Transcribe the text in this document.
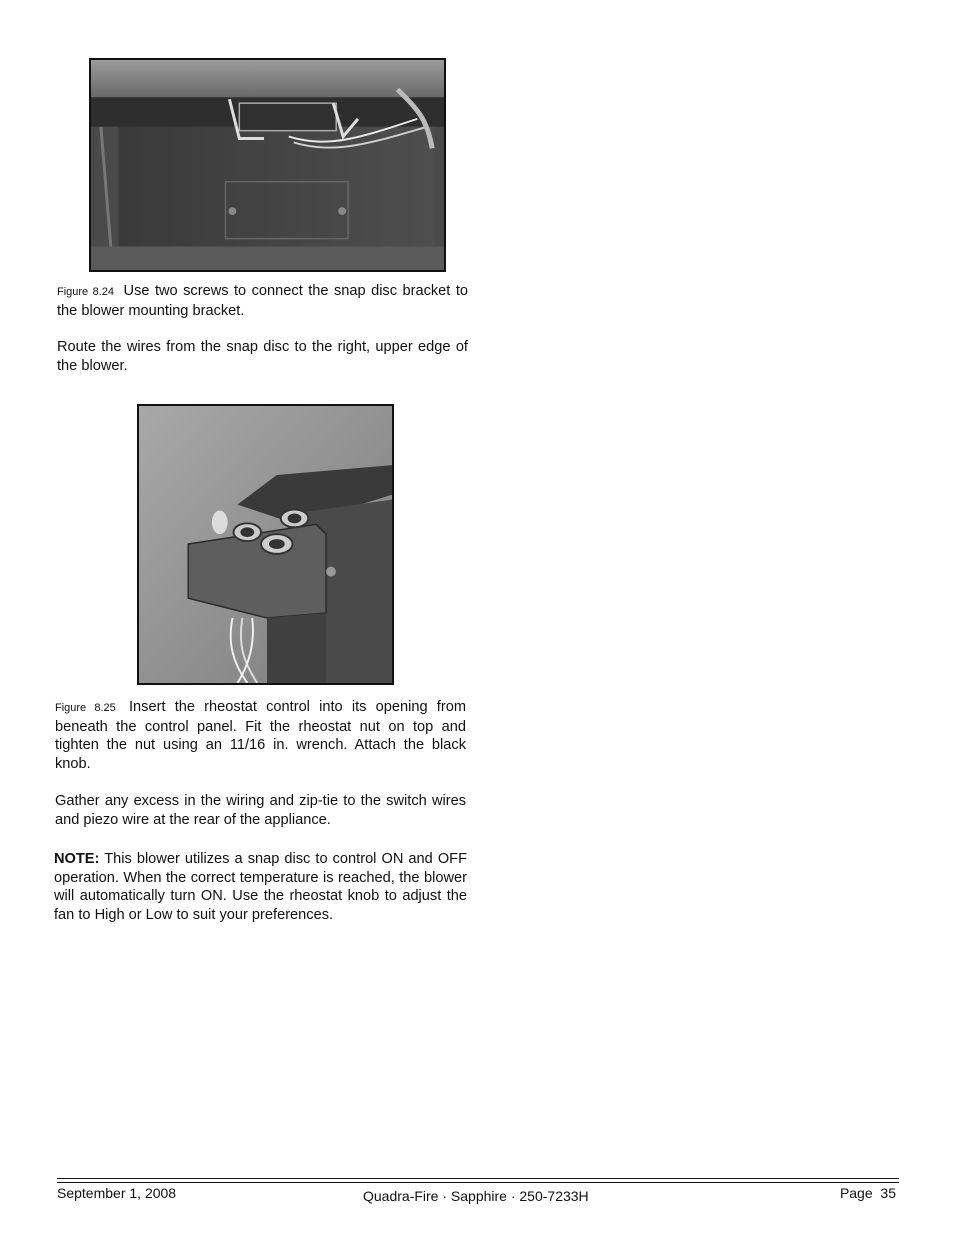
Figure 8.24 Use two screws to connect the snap disc bracket to the blower mounting bracket.

Route the wires from the snap disc to the right, upper edge of the blower.

Figure 8.25 Insert the rheostat control into its opening from beneath the control panel. Fit the rheostat nut on top and tighten the nut using an 11/16 in. wrench. Attach the black knob.

Gather any excess in the wiring and zip-tie to the switch wires and piezo wire at the rear of the appliance.

NOTE: This blower utilizes a snap disc to control ON and OFF operation. When the correct temperature is reached, the blower will automatically turn ON. Use the rheostat knob to adjust the fan to High or Low to suit your preferences.

September 1, 2008	Quadra-Fire · Sapphire · 250-7233H	Page  35
